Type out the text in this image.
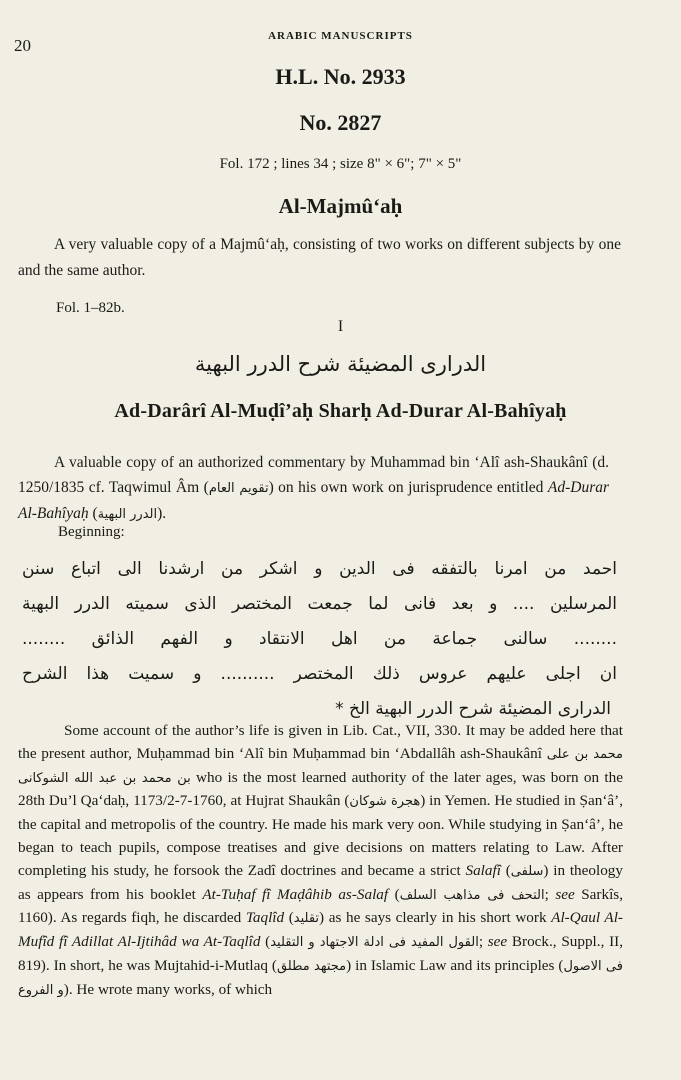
20	ARABIC MANUSCRIPTS
H.L. No. 2933
No. 2827
Fol. 172 ; lines 34 ; size 8" × 6"; 7" × 5"
Al-Majmû‘aḥ
A very valuable copy of a Majmû‘aḥ, consisting of two works on different subjects by one and the same author.
Fol. 1–82b.
I
الدرارى المضيئة شرح الدرر البهية
Ad-Darârî Al-Muḍî’aḥ Sharḥ Ad-Durar Al-Bahîyaḥ
A valuable copy of an authorized commentary by Muhammad bin ‘Alî ash-Shaukânî (d. 1250/1835 cf. Taqwimul Âm (تقويم العام) on his own work on jurisprudence entitled Ad-Durar Al-Bahîyaḥ (الدرر البهية).
Beginning:
احمد من امرنا بالتفقه فى الدين و اشكر من ارشدنا الى اتباع سنن
المرسلين .... و بعد فانى لما جمعت المختصر الذى سميته الدرر البهية
........ سالنى جماعة من اهل الانتقاد و الفهم الذائق ........
ان اجلى عليهم عروس ذلك المختصر .......... و سميت هذا الشرح
الدرارى المضيئة شرح الدرر البهية الخ *
Some account of the author’s life is given in Lib. Cat., VII, 330. It may be added here that the present author, Muḥammad bin ‘Alî bin Muḥammad bin ‘Abdallâh ash-Shaukânî محمد بن على بن محمد بن عبد الله الشوكانى who is the most learned authority of the later ages, was born on the 28th Du’l Qa‘daḥ, 1173/2-7-1760, at Hujrat Shaukân (هجرة شوكان) in Yemen. He studied in Ṣan‘â’, the capital and metropolis of the country. He made his mark very oon. While studying in Ṣan‘â’, he began to teach pupils, compose treatises and give decisions on matters relating to Law. After completing his study, he forsook the Zadî doctrines and became a strict Salafî (سلفى) in theology as appears from his booklet At-Tuḥaf fî Maḍâhib as-Salaf (التحف فى مذاهب السلف; see Sarkîs, 1160). As regards fiqh, he discarded Taqlîd (تقليد) as he says clearly in his short work Al-Qaul Al-Mufîd fî Adillat Al-Ijtihâd wa At-Taqlîd (القول المفيد فى ادلة الاجتهاد و التقليد; see Brock., Suppl., II, 819). In short, he was Mujtahid-i-Mutlaq (مجتهد مطلق) in Islamic Law and its principles (فى الاصول و الفروع). He wrote many works, of which
